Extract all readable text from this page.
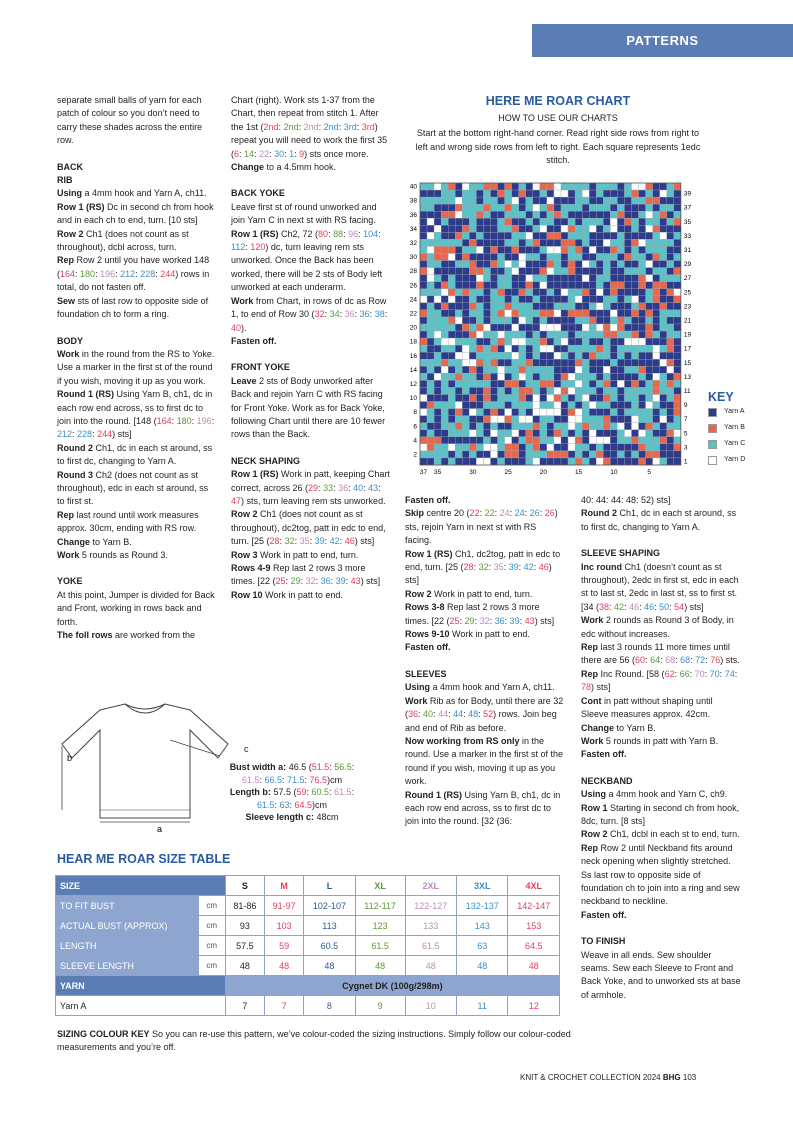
PATTERNS

separate small balls of yarn for each patch of colour so you don’t need to carry these shades across the entire row.

BACK

RIB

Using a 4mm hook and Yarn A, ch11.

Row 1 (RS) Dc in second ch from hook and in each ch to end, turn. [10 sts]

Row 2 Ch1 (does not count as st throughout), dcbl across, turn.

Rep Row 2 until you have worked 148 (164: 180: 196: 212: 228: 244) rows in total, do not fasten off.

Sew sts of last row to opposite side of foundation ch to form a ring.

BODY

Work in the round from the RS to Yoke. Use a marker in the first st of the round if you wish, moving it up as you work.

Round 1 (RS) Using Yarn B, ch1, dc in each row end across, ss to first dc to join into the round. [148 (164: 180: 196: 212: 228: 244) sts]

Round 2 Ch1, dc in each st around, ss to first dc, changing to Yarn A.

Round 3 Ch2 (does not count as st throughout), edc in each st around, ss to first st.

Rep last round until work measures approx. 30cm, ending with RS row.

Change to Yarn B.

Work 5 rounds as Round 3.

YOKE

At this point, Jumper is divided for Back and Front, working in rows back and forth.

The foll rows are worked from the

Chart (right). Work sts 1-37 from the Chart, then repeat from stitch 1. After the 1st (2nd: 2nd: 2nd: 2nd: 3rd: 3rd) repeat you will need to work the first 35 (6: 14: 22: 30: 1: 9) sts once more.

Change to a 4.5mm hook.

BACK YOKE

Leave first st of round unworked and join Yarn C in next st with RS facing.

Row 1 (RS) Ch2, 72 (80: 88: 96: 104: 112: 120) dc, turn leaving rem sts unworked. Once the Back has been worked, there will be 2 sts of Body left unworked at each underarm.

Work from Chart, in rows of dc as Row 1, to end of Row 30 (32: 34: 36: 36: 38: 40).

Fasten off.

FRONT YOKE

Leave 2 sts of Body unworked after Back and rejoin Yarn C with RS facing for Front Yoke. Work as for Back Yoke, following Chart until there are 10 fewer rows than the Back.

NECK SHAPING

Row 1 (RS) Work in patt, keeping Chart correct, across 26 (29: 33: 36: 40: 43: 47) sts, turn leaving rem sts unworked.

Row 2 Ch1 (does not count as st throughout), dc2tog, patt in edc to end, turn. [25 (28: 32: 35: 39: 42: 46) sts]

Row 3 Work in patt to end, turn.

Rows 4-9 Rep last 2 rows 3 more times. [22 (25: 29: 32: 36: 39: 43) sts]

Row 10 Work in patt to end.

Fasten off.

Skip centre 20 (22: 22: 24: 24: 26: 26) sts, rejoin Yarn in next st with RS facing.

Row 1 (RS) Ch1, dc2tog, patt in edc to end, turn. [25 (28: 32: 35: 39: 42: 46) sts]

Row 2 Work in patt to end, turn.

Rows 3-8 Rep last 2 rows 3 more times. [22 (25: 29: 32: 36: 39: 43) sts]

Rows 9-10 Work in patt to end.

Fasten off.

SLEEVES

Using a 4mm hook and Yarn A, ch11.

Work Rib as for Body, until there are 32 (36: 40: 44: 44: 48: 52) rows. Join beg and end of Rib as before.

Now working from RS only in the round. Use a marker in the first st of the round if you wish, moving it up as you work.

Round 1 (RS) Using Yarn B, ch1, dc in each row end across, ss to first dc to join into the round. [32 (36:

40: 44: 44: 48: 52) sts]

Round 2 Ch1, dc in each st around, ss to first dc, changing to Yarn A.

SLEEVE SHAPING

Inc round Ch1 (doesn’t count as st throughout), 2edc in first st, edc in each st to last st, 2edc in last st, ss to first st. [34 (38: 42: 46: 46: 50: 54) sts]

Work 2 rounds as Round 3 of Body, in edc without increases.

Rep last 3 rounds 11 more times until there are 56 (60: 64: 68: 68: 72: 76) sts.

Rep Inc Round. [58 (62: 66: 70: 70: 74: 78) sts]

Cont in patt without shaping until Sleeve measures approx. 42cm.

Change to Yarn B.

Work 5 rounds in patt with Yarn B.

Fasten off.

NECKBAND

Using a 4mm hook and Yarn C, ch9.

Row 1 Starting in second ch from hook, 8dc, turn. [8 sts]

Row 2 Ch1, dcbl in each st to end, turn.

Rep Row 2 until Neckband fits around neck opening when slightly stretched. Ss last row to opposite side of foundation ch to join into a ring and sew neckband to neckline.

Fasten off.

TO FINISH

Weave in all ends. Sew shoulder seams. Sew each Sleeve to Front and Back Yoke, and to unworked sts at base of armhole.

HERE ME ROAR CHART
HOW TO USE OUR CHARTS
Start at the bottom right-hand corner. Read right side rows from right to left and wrong side rows from left to right. Each square represents 1edc stitch.
2
4
6
8
10
12
14
16
18
20
22
24
26
28
30
32
34
36
38
40
1
3
5
7
9
11
13
15
17
19
21
23
25
27
29
31
33
35
37
39
37 35	30	25	20	15	10	5
KEY
Yarn A
Yarn B
Yarn C
Yarn D
b
a
c
Bust width a: 46.5 (51.5: 56.5: 61.5: 66.5: 71.5: 76.5)cm
Length b: 57.5 (59: 60.5: 61.5: 61.5: 63: 64.5)cm
Sleeve length c: 48cm
HEAR ME ROAR SIZE TABLE
SIZE		S	M	L	XL	2XL	3XL	4XL
TO FIT BUST	cm	81-86	91-97	102-107	112-117	122-127	132-137	142-147
ACTUAL BUST (APPROX)	cm	93	103	113	123	133	143	153
LENGTH	cm	57.5	59	60.5	61.5	61.5	63	64.5
SLEEVE LENGTH	cm	48	48	48	48	48	48	48
YARN		Cygnet DK (100g/298m)						
Yarn A		7	7	8	9	10	11	12
SIZING COLOUR KEY So you can re-use this pattern, we’ve colour-coded the sizing instructions. Simply follow our colour-coded measurements and you’re off.
KNIT & CROCHET COLLECTION 2024 BHG 103
